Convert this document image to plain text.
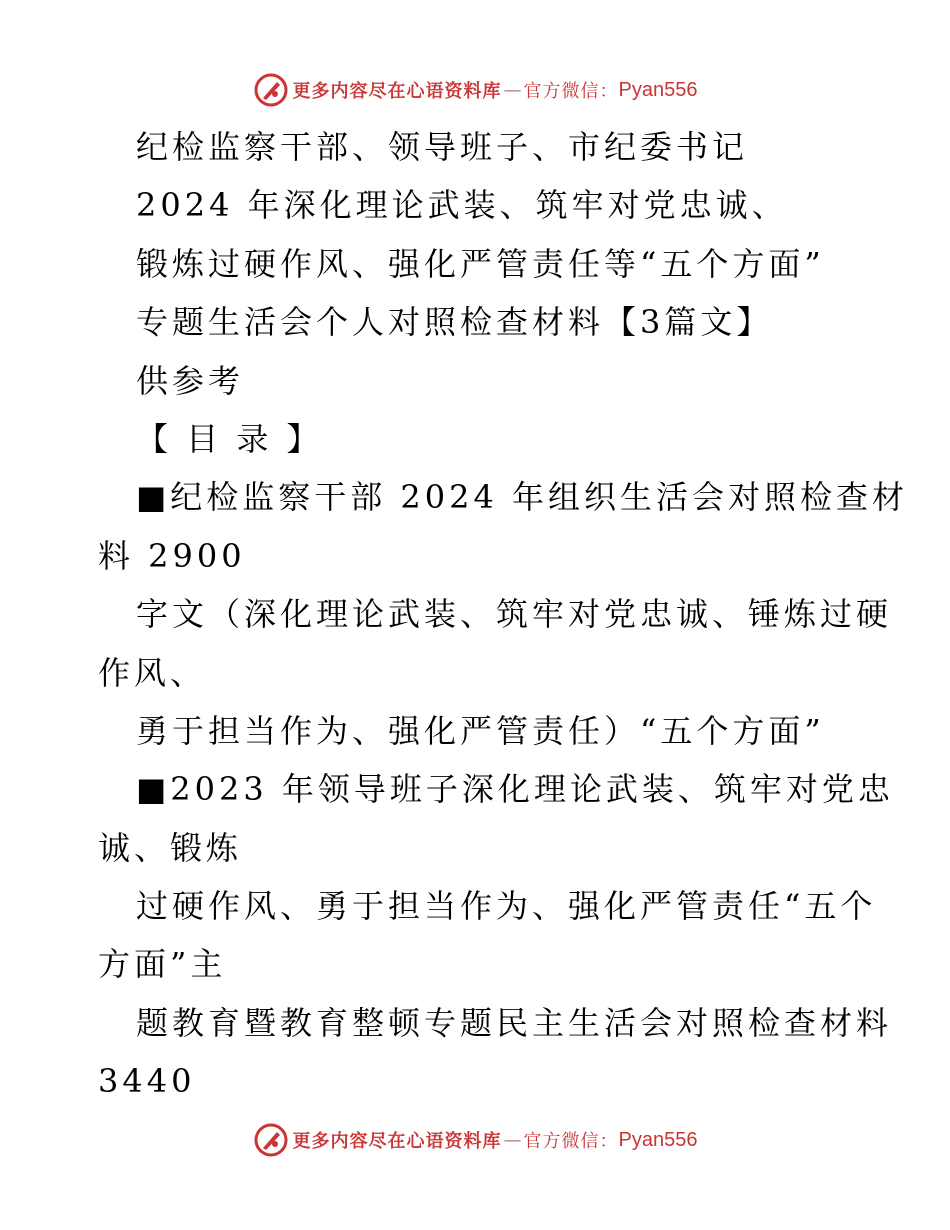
更多内容尽在心语资料库 — 官方微信： Pyan556
纪检监察干部、领导班子、市纪委书记
2024 年深化理论武装、筑牢对党忠诚、
锻炼过硬作风、强化严管责任等“五个方面”
专题生活会个人对照检查材料【3篇文】
供参考
【 目 录 】
■纪检监察干部 2024 年组织生活会对照检查材
料 2900
字文（深化理论武装、筑牢对党忠诚、锤炼过硬
作风、
勇于担当作为、强化严管责任）“五个方面”
■2023 年领导班子深化理论武装、筑牢对党忠
诚、锻炼
过硬作风、勇于担当作为、强化严管责任“五个
方面”主
题教育暨教育整顿专题民主生活会对照检查材料
3440
更多内容尽在心语资料库 — 官方微信： Pyan556
